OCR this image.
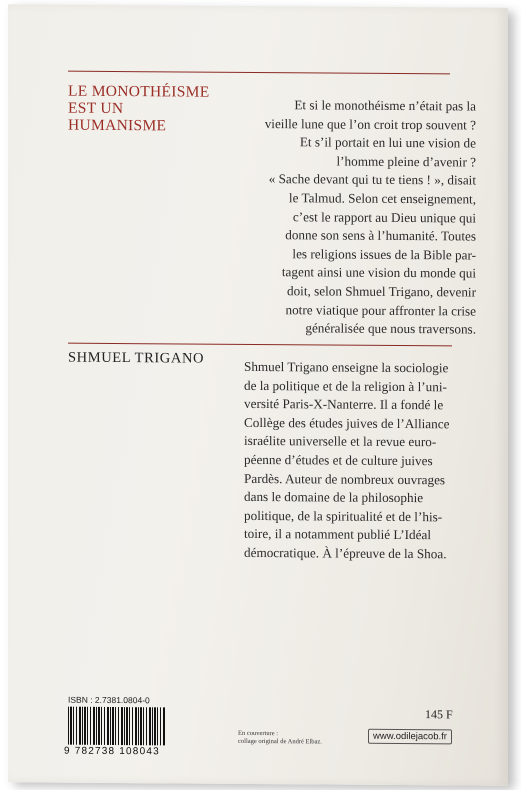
LE MONOTHÉISME
EST UN
HUMANISME
Et si le monothéisme n’était pas la
vieille lune que l’on croit trop souvent ?
Et s’il portait en lui une vision de
l’homme pleine d’avenir ?
« Sache devant qui tu te tiens ! », disait
le Talmud. Selon cet enseignement,
c’est le rapport au Dieu unique qui
donne son sens à l’humanité. Toutes
les religions issues de la Bible par-
tagent ainsi une vision du monde qui
doit, selon Shmuel Trigano, devenir
notre viatique pour affronter la crise
généralisée que nous traversons.
SHMUEL TRIGANO
Shmuel Trigano enseigne la sociologie
de la politique et de la religion à l’uni-
versité Paris-X-Nanterre. Il a fondé le
Collège des études juives de l’Alliance
israélite universelle et la revue euro-
péenne d’études et de culture juives
Pardès. Auteur de nombreux ouvrages
dans le domaine de la philosophie
politique, de la spiritualité et de l’his-
toire, il a notamment publié L’Idéal
démocratique. À l’épreuve de la Shoa.
ISBN : 2.7381.0804-0
9 782738 108043
En couverture :
collage original de André Elbaz.
145 F
www.odilejacob.fr
